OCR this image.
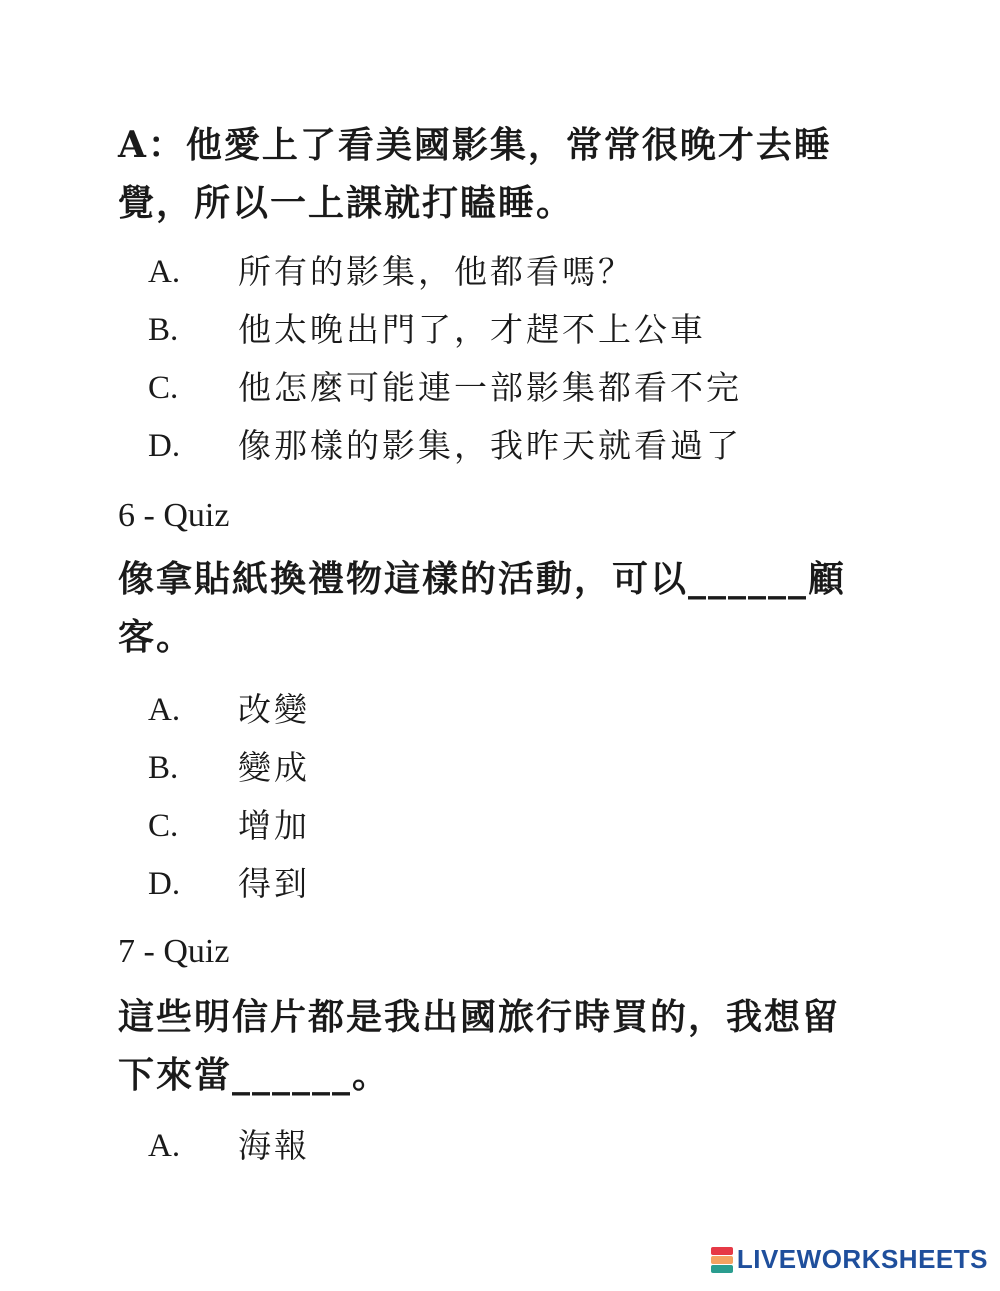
A：他愛上了看美國影集，常常很晚才去睡
覺，所以一上課就打瞌睡。
A.	所有的影集，他都看嗎？
B.	他太晚出門了，才趕不上公車
C.	他怎麼可能連一部影集都看不完
D.	像那樣的影集，我昨天就看過了
6 - Quiz
像拿貼紙換禮物這樣的活動，可以______顧
客。
A.	改變
B.	變成
C.	增加
D.	得到
7 - Quiz
這些明信片都是我出國旅行時買的，我想留
下來當______。
A.	海報
LIVEWORKSHEETS
